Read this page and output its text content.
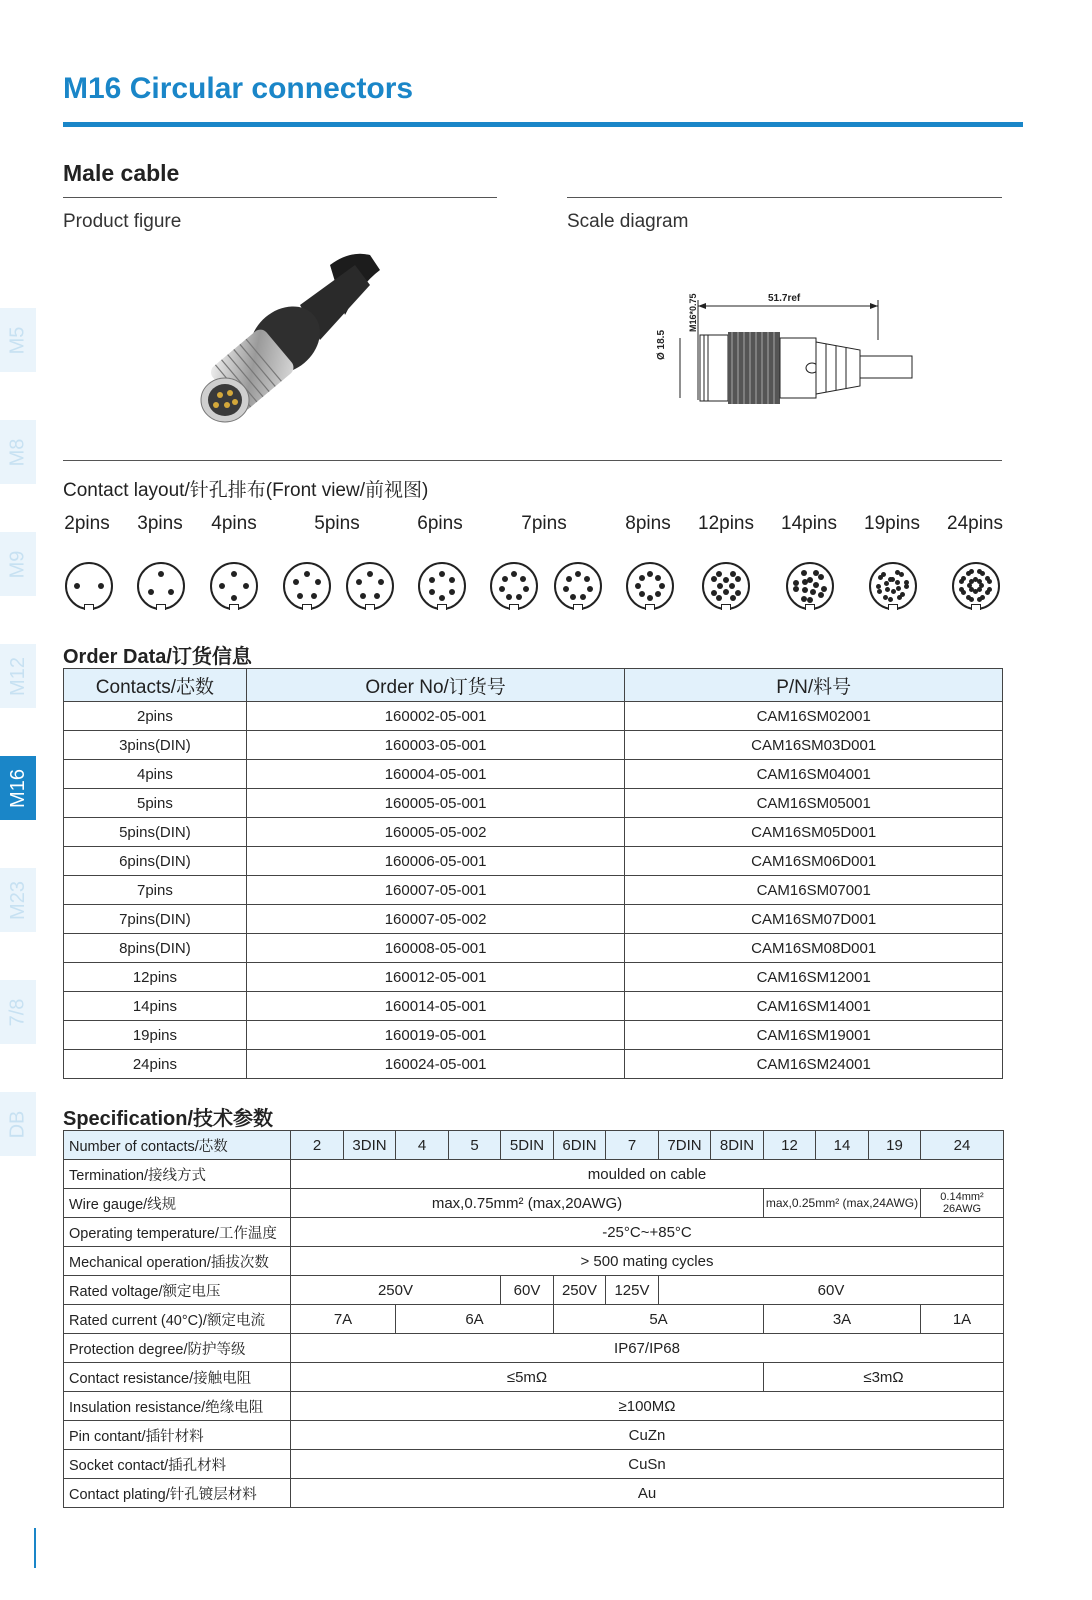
M16 Circular connectors
Male cable
Product figure	Scale diagram
M5
M8
M9
M12
M16
M23
7/8
DB
51.7ref
Ø 18.5
M16*0.75
Contact layout/针孔排布(Front view/前视图)
2pins	3pins	4pins	5pins	6pins	7pins	8pins	12pins	14pins	19pins	24pins
Order Data/订货信息
Contacts/芯数	Order No/订货号	P/N/料号
2pins	160002-05-001	CAM16SM02001
3pins(DIN)	160003-05-001	CAM16SM03D001
4pins	160004-05-001	CAM16SM04001
5pins	160005-05-001	CAM16SM05001
5pins(DIN)	160005-05-002	CAM16SM05D001
6pins(DIN)	160006-05-001	CAM16SM06D001
7pins	160007-05-001	CAM16SM07001
7pins(DIN)	160007-05-002	CAM16SM07D001
8pins(DIN)	160008-05-001	CAM16SM08D001
12pins	160012-05-001	CAM16SM12001
14pins	160014-05-001	CAM16SM14001
19pins	160019-05-001	CAM16SM19001
24pins	160024-05-001	CAM16SM24001
Specification/技术参数
Number of contacts/芯数	2	3DIN	4	5	5DIN	6DIN	7	7DIN	8DIN	12	14	19	24
Termination/接线方式	moulded on cable												
Wire gauge/线规	max,0.75mm² (max,20AWG)									max,0.25mm² (max,24AWG)			0.14mm²
26AWG
Operating temperature/工作温度	-25°C~+85°C												
Mechanical operation/插拔次数	> 500 mating cycles												
Rated voltage/额定电压	250V				60V	250V	125V	60V					
Rated current (40°C)/额定电流	7A		6A			5A				3A			1A
Protection degree/防护等级	IP67/IP68												
Contact resistance/接触电阻	≤5mΩ									≤3mΩ			
Insulation resistance/绝缘电阻	≥100MΩ												
Pin contant/插针材料	CuZn												
Socket contact/插孔材料	CuSn												
Contact plating/针孔镀层材料	Au												
